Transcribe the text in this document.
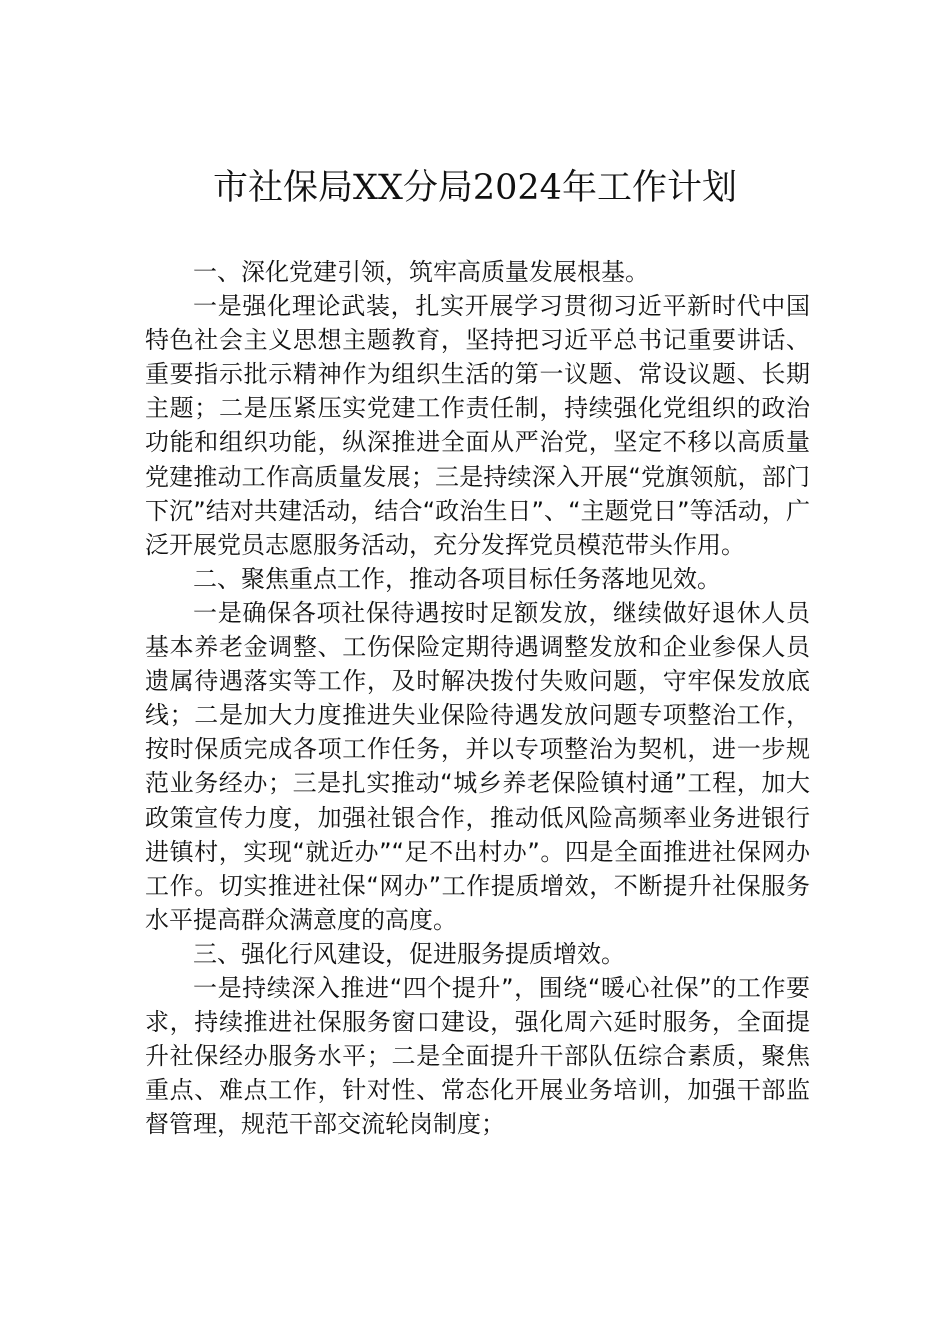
市社保局XX分局2024年工作计划

一、深化党建引领，筑牢高质量发展根基。

一是强化理论武装，扎实开展学习贯彻习近平新时代中国特色社会主义思想主题教育，坚持把习近平总书记重要讲话、重要指示批示精神作为组织生活的第一议题、常设议题、长期主题；二是压紧压实党建工作责任制，持续强化党组织的政治功能和组织功能，纵深推进全面从严治党，坚定不移以高质量党建推动工作高质量发展；三是持续深入开展“党旗领航，部门下沉”结对共建活动，结合“政治生日”、“主题党日”等活动，广泛开展党员志愿服务活动，充分发挥党员模范带头作用。

二、聚焦重点工作，推动各项目标任务落地见效。

一是确保各项社保待遇按时足额发放，继续做好退休人员基本养老金调整、工伤保险定期待遇调整发放和企业参保人员遗属待遇落实等工作，及时解决拨付失败问题，守牢保发放底线；二是加大力度推进失业保险待遇发放问题专项整治工作，按时保质完成各项工作任务，并以专项整治为契机，进一步规范业务经办；三是扎实推动“城乡养老保险镇村通”工程，加大政策宣传力度，加强社银合作，推动低风险高频率业务进银行进镇村，实现“就近办”“足不出村办”。四是全面推进社保网办工作。切实推进社保“网办”工作提质增效，不断提升社保服务水平提高群众满意度的高度。

三、强化行风建设，促进服务提质增效。

一是持续深入推进“四个提升”，围绕“暖心社保”的工作要求，持续推进社保服务窗口建设，强化周六延时服务，全面提升社保经办服务水平；二是全面提升干部队伍综合素质，聚焦重点、难点工作，针对性、常态化开展业务培训，加强干部监督管理，规范干部交流轮岗制度；
